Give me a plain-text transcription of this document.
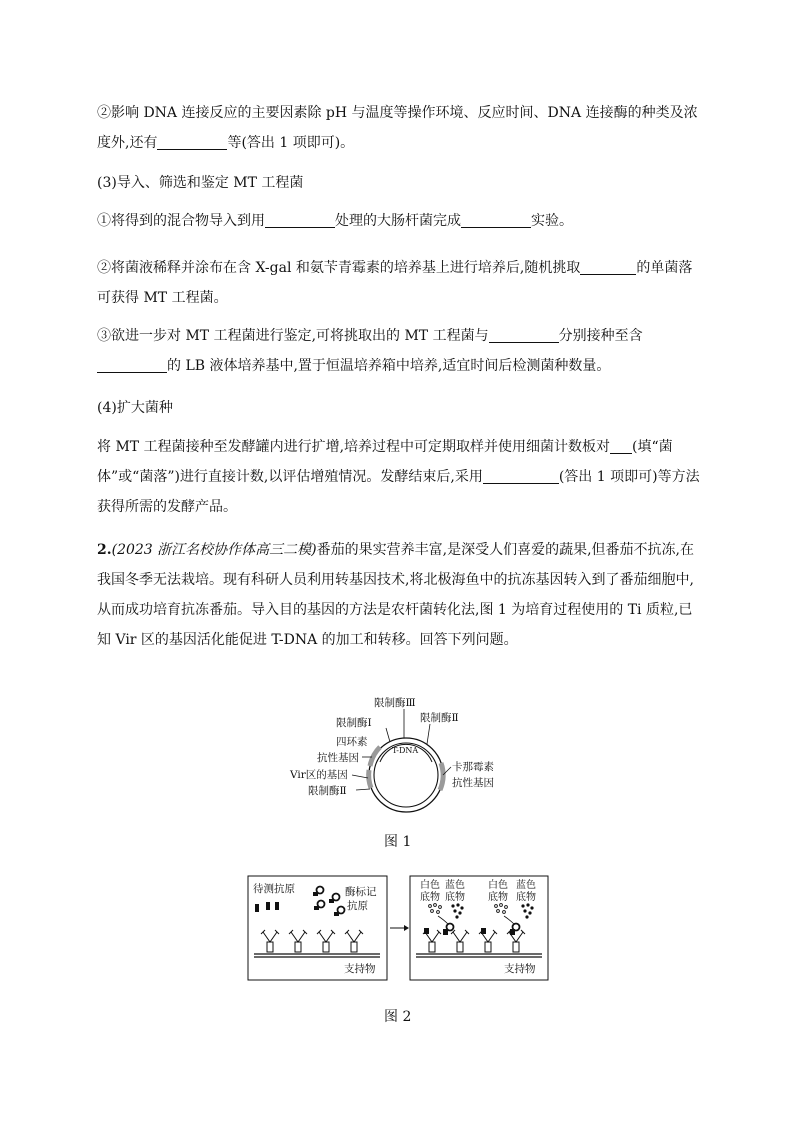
②影响 DNA 连接反应的主要因素除 pH 与温度等操作环境、反应时间、DNA 连接酶的种类及浓度外,还有	等(答出 1 项即可)。

(3)导入、筛选和鉴定 MT 工程菌

①将得到的混合物导入到用	处理的大肠杆菌完成	实验。

②将菌液稀释并涂布在含 X-gal 和氨苄青霉素的培养基上进行培养后,随机挑取	的单菌落可获得 MT 工程菌。

③欲进一步对 MT 工程菌进行鉴定,可将挑取出的 MT 工程菌与	分别接种至含的 LB 液体培养基中,置于恒温培养箱中培养,适宜时间后检测菌种数量。

(4)扩大菌种

将 MT 工程菌接种至发酵罐内进行扩增,培养过程中可定期取样并使用细菌计数板对 (填“菌体”或“菌落”)进行直接计数,以评估增殖情况。发酵结束后,采用	(答出 1 项即可)等方法获得所需的发酵产品。

2.(2023 浙江名校协作体高三二模)番茄的果实营养丰富,是深受人们喜爱的蔬果,但番茄不抗冻,在我国冬季无法栽培。现有科研人员利用转基因技术,将北极海鱼中的抗冻基因转入到了番茄细胞中,从而成功培育抗冻番茄。导入目的基因的方法是农杆菌转化法,图 1 为培育过程使用的 Ti 质粒,已知 Vir 区的基因活化能促进 T-DNA 的加工和转移。回答下列问题。

限制酶Ⅲ
限制酶Ⅰ	限制酶Ⅱ
四环素
抗性基因
Vir区的基因
限制酶Ⅱ
T-DNA
卡那霉素
抗性基因
图 1
待测抗原	酶标记
抗原
支持物
白色
底物
蓝色
底物
白色
底物
蓝色
底物
支持物
图 2
